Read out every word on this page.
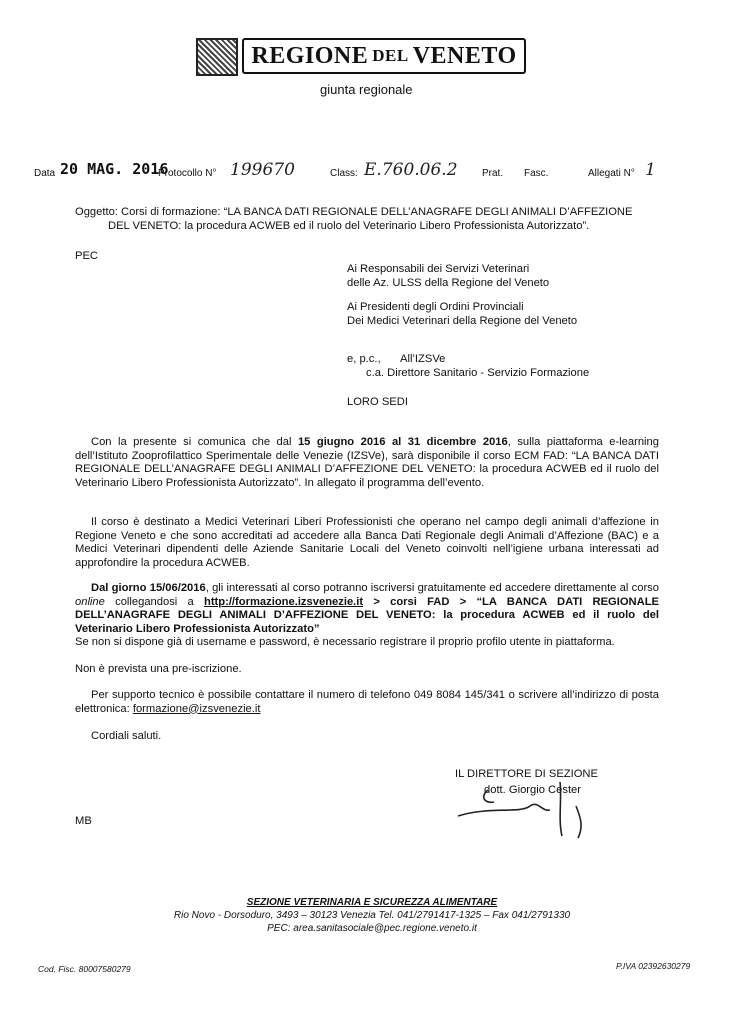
REGIONE DEL VENETO
giunta regionale
Data 20 MAG. 2016
Protocollo N° 199670	Class: E.760.06.2 Prat. Fasc.	Allegati N° 1
Oggetto: Corsi di formazione: “LA BANCA DATI REGIONALE DELL’ANAGRAFE DEGLI ANIMALI D’AFFEZIONE
DEL VENETO: la procedura ACWEB ed il ruolo del Veterinario Libero Professionista Autorizzato”.
PEC
Ai Responsabili dei Servizi Veterinari
delle Az. ULSS della Regione del Veneto
Ai Presidenti degli Ordini Provinciali
Dei Medici Veterinari della Regione del Veneto
e, p.c., All’IZSVe
c.a. Direttore Sanitario - Servizio Formazione
LORO SEDI
Con la presente si comunica che dal 15 giugno 2016 al 31 dicembre 2016, sulla piattaforma e-learning dell’Istituto Zooprofilattico Sperimentale delle Venezie (IZSVe), sarà disponibile il corso ECM FAD: “LA BANCA DATI REGIONALE DELL’ANAGRAFE DEGLI ANIMALI D’AFFEZIONE DEL VENETO: la procedura ACWEB ed il ruolo del Veterinario Libero Professionista Autorizzato”. In allegato il programma dell’evento.
Il corso è destinato a Medici Veterinari Liberi Professionisti che operano nel campo degli animali d’affezione in Regione Veneto e che sono accreditati ad accedere alla Banca Dati Regionale degli Animali d’Affezione (BAC) e a Medici Veterinari dipendenti delle Aziende Sanitarie Locali del Veneto coinvolti nell’igiene urbana interessati ad approfondire la procedura ACWEB.
Dal giorno 15/06/2016, gli interessati al corso potranno iscriversi gratuitamente ed accedere direttamente al corso online collegandosi a http://formazione.izsvenezie.it > corsi FAD > “LA BANCA DATI REGIONALE DELL’ANAGRAFE DEGLI ANIMALI D’AFFEZIONE DEL VENETO: la procedura ACWEB ed il ruolo del Veterinario Libero Professionista Autorizzato”
Se non si dispone già di username e password, è necessario registrare il proprio profilo utente in piattaforma.
Non è prevista una pre-iscrizione.
Per supporto tecnico è possibile contattare il numero di telefono 049 8084 145/341 o scrivere all’indirizzo di posta elettronica: formazione@izsvenezie.it
Cordiali saluti.
IL DIRETTORE DI SEZIONE
dott. Giorgio Cester
MB
SEZIONE VETERINARIA E SICUREZZA ALIMENTARE
Rio Novo - Dorsoduro, 3493 – 30123 Venezia Tel. 041/2791417-1325 – Fax 041/2791330
PEC: area.sanitasociale@pec.regione.veneto.it
Cod. Fisc. 80007580279	P.IVA 02392630279
